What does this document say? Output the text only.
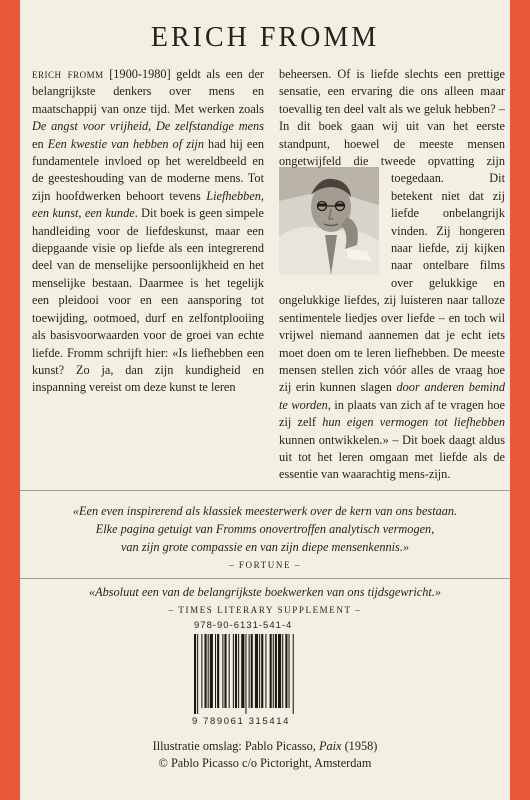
ERICH FROMM

erich fromm [1900-1980] geldt als een der belangrijkste denkers over mens en maatschappij van onze tijd. Met werken zoals De angst voor vrijheid, De zelfstandige mens en Een kwestie van hebben of zijn had hij een fundamentele invloed op het wereldbeeld en de geesteshouding van de moderne mens. Tot zijn hoofdwerken behoort tevens Liefhebben, een kunst, een kunde. Dit boek is geen simpele handleiding voor de liefdeskunst, maar een diepgaande visie op liefde als een integrerend deel van de menselijke persoonlijkheid en het menselijke bestaan. Daarmee is het tegelijk een pleidooi voor en een aansporing tot toewijding, ootmoed, durf en zelfontplooiing als basisvoorwaarden voor de groei van echte liefde. Fromm schrijft hier: «Is liefhebben een kunst? Zo ja, dan zijn kundigheid en inspanning vereist om deze kunst te leren

beheersen. Of is liefde slechts een prettige sensatie, een ervaring die ons alleen maar toevallig ten deel valt als we geluk hebben? – In dit boek gaan wij uit van het eerste standpunt, hoewel de meeste mensen ongetwijfeld
die tweede opvatting zijn toegedaan. Dit betekent niet dat zij liefde onbelangrijk vinden. Zij hongeren naar liefde, zij kijken naar ontelbare films over gelukkige en ongelukkige liefdes, zij luisteren naar talloze sentimentele liedjes over liefde – en toch wil vrijwel niemand aannemen dat je echt iets moet doen om te leren liefhebben. De meeste mensen stellen zich vóór alles de vraag hoe zij erin kunnen slagen door anderen bemind te worden, in plaats van zich af te vragen hoe zij zelf hun eigen vermogen tot liefhebben kunnen ontwikkelen.» – Dit boek daagt aldus uit tot het leren omgaan met liefde als de essentie van waarachtig mens-zijn.

«Een even inspirerend als klassiek meesterwerk over de kern van ons bestaan.
Elke pagina getuigt van Fromms onovertroffen analytisch vermogen,
van zijn grote compassie en van zijn diepe mensenkennis.»
– FORTUNE –
«Absoluut een van de belangrijkste boekwerken van ons tijdsgewricht.»
– TIMES LITERARY SUPPLEMENT –
978-90-6131-541-4
9 789061 315414
Illustratie omslag: Pablo Picasso, Paix (1958)
© Pablo Picasso c/o Pictoright, Amsterdam
